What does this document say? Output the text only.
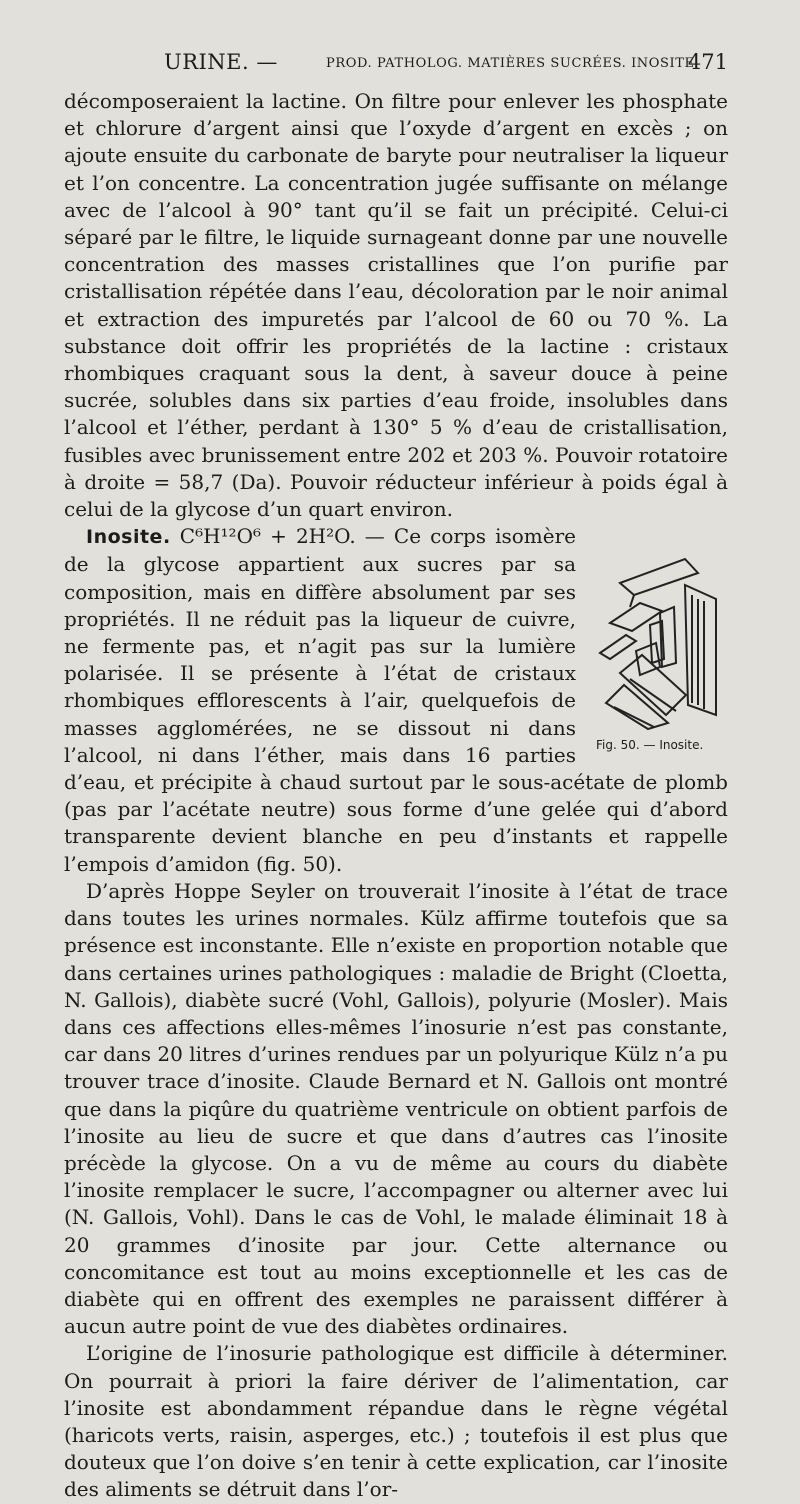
URINE. —	PROD. PATHOLOG. MATIÈRES SUCRÉES. INOSITE
471

décomposeraient la lactine. On filtre pour enlever les phosphate et chlorure d’argent ainsi que l’oxyde d’argent en excès ; on ajoute ensuite du carbonate de baryte pour neutraliser la liqueur et l’on concentre. La concentration jugée suffisante on mélange avec de l’alcool à 90° tant qu’il se fait un précipité. Celui-ci séparé par le filtre, le liquide surnageant donne par une nouvelle concentration des masses cristallines que l’on purifie par cristallisation répétée dans l’eau, décoloration par le noir animal et extraction des impuretés par l’alcool de 60 ou 70 %. La substance doit offrir les propriétés de la lactine : cristaux rhombiques craquant sous la dent, à saveur douce à peine sucrée, solubles dans six parties d’eau froide, insolubles dans l’alcool et l’éther, perdant à 130° 5 % d’eau de cristallisation, fusibles avec brunissement entre 202 et 203 %. Pouvoir rotatoire à droite = 58,7 (Da). Pouvoir réducteur inférieur à poids égal à celui de la glycose d’un quart environ.

Fig. 50. — Inosite.

Inosite. C⁶H¹²O⁶ + 2H²O. — Ce corps isomère de la glycose appartient aux sucres par sa composition, mais en diffère absolument par ses propriétés. Il ne réduit pas la liqueur de cuivre, ne fermente pas, et n’agit pas sur la lumière polarisée. Il se présente à l’état de cristaux rhombiques efflorescents à l’air, quelquefois de masses agglomérées, ne se dissout ni dans l’alcool, ni dans l’éther, mais dans 16 parties d’eau, et précipite à chaud surtout par le sous-acétate de plomb (pas par l’acétate neutre) sous forme d’une gelée qui d’abord transparente devient blanche en peu d’instants et rappelle l’empois d’amidon (fig. 50).

D’après Hoppe Seyler on trouverait l’inosite à l’état de trace dans toutes les urines normales. Külz affirme toutefois que sa présence est inconstante. Elle n’existe en proportion notable que dans certaines urines pathologiques : maladie de Bright (Cloetta, N. Gallois), diabète sucré (Vohl, Gallois), polyurie (Mosler). Mais dans ces affections elles-mêmes l’inosurie n’est pas constante, car dans 20 litres d’urines rendues par un polyurique Külz n’a pu trouver trace d’inosite. Claude Bernard et N. Gallois ont montré que dans la piqûre du quatrième ventricule on obtient parfois de l’inosite au lieu de sucre et que dans d’autres cas l’inosite précède la glycose. On a vu de même au cours du diabète l’inosite remplacer le sucre, l’accompagner ou alterner avec lui (N. Gallois, Vohl). Dans le cas de Vohl, le malade éliminait 18 à 20 grammes d’inosite par jour. Cette alternance ou concomitance est tout au moins exceptionnelle et les cas de diabète qui en offrent des exemples ne paraissent différer à aucun autre point de vue des diabètes ordinaires.

L’origine de l’inosurie pathologique est difficile à déterminer. On pourrait à priori la faire dériver de l’alimentation, car l’inosite est abondamment répandue dans le règne végétal (haricots verts, raisin, asperges, etc.) ; toutefois il est plus que douteux que l’on doive s’en tenir à cette explication, car l’inosite des aliments se détruit dans l’or-
